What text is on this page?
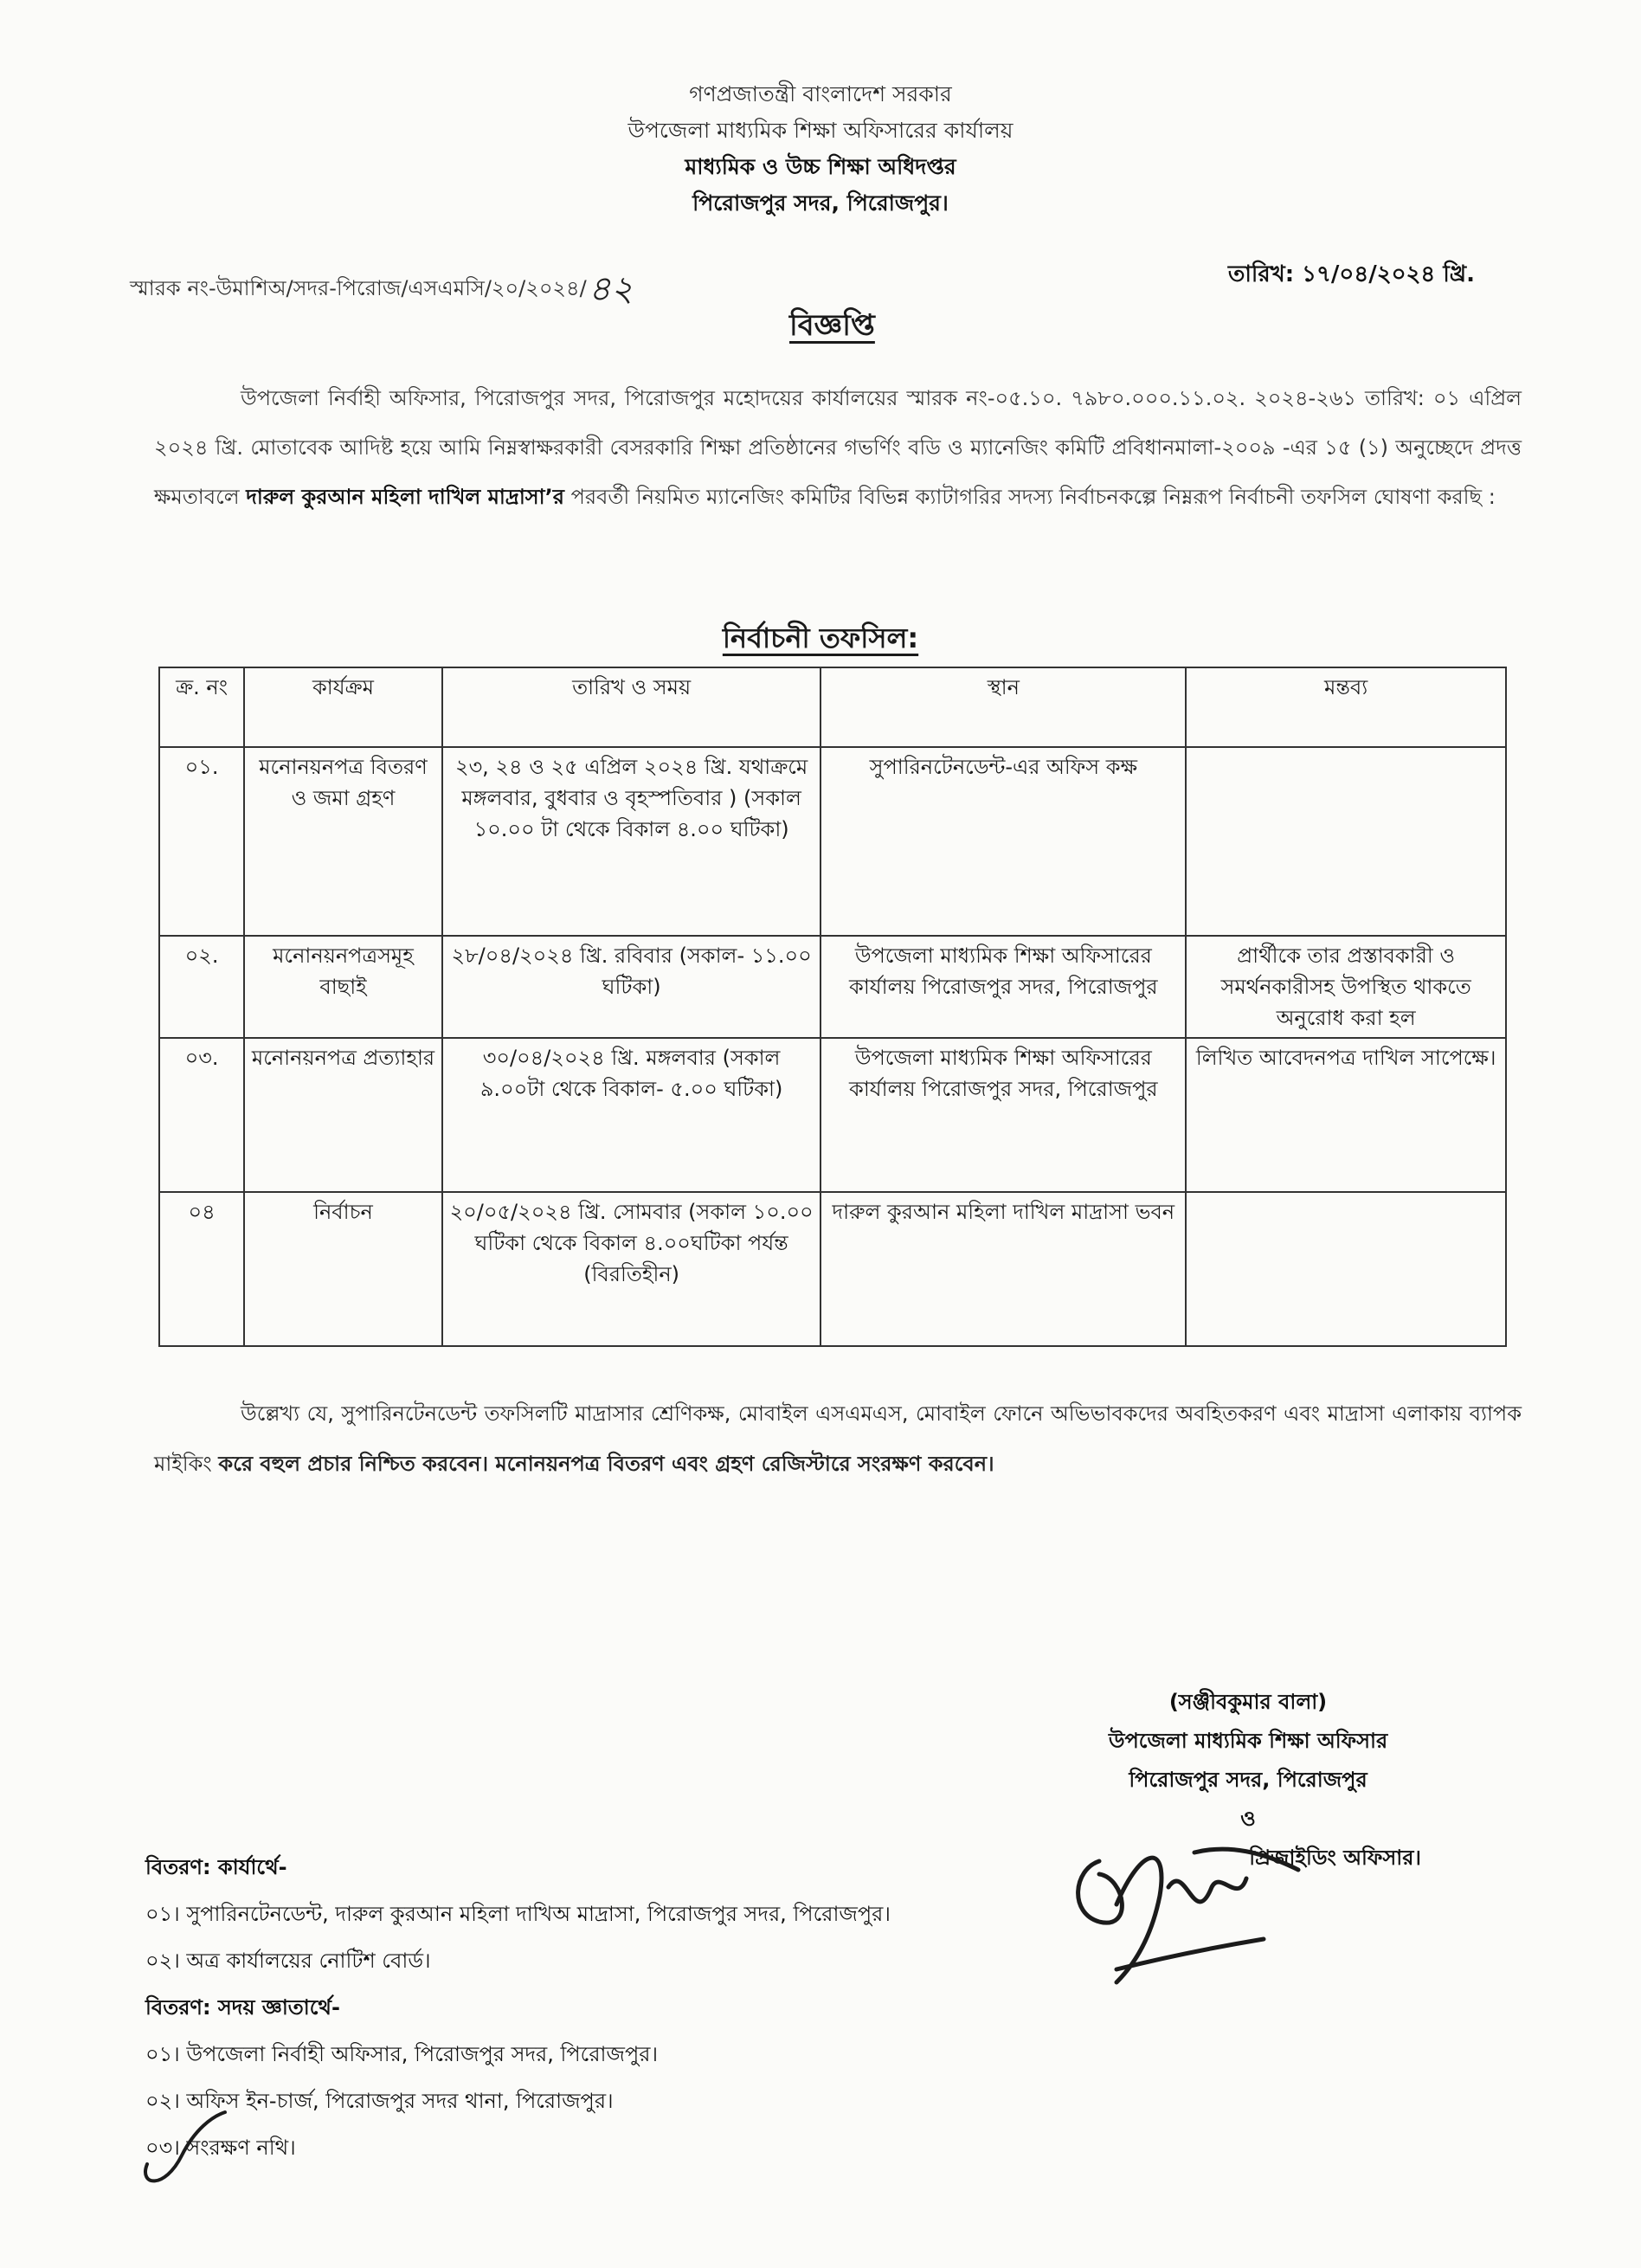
গণপ্রজাতন্ত্রী বাংলাদেশ সরকার
উপজেলা মাধ্যমিক শিক্ষা অফিসারের কার্যালয়
মাধ্যমিক ও উচ্চ শিক্ষা অধিদপ্তর
পিরোজপুর সদর, পিরোজপুর।
স্মারক নং-উমাশিঅ/সদর-পিরোজ/এসএমসি/২০/২০২৪/৪২	তারিখ: ১৭/০৪/২০২৪ খ্রি.
বিজ্ঞপ্তি
উপজেলা নির্বাহী অফিসার, পিরোজপুর সদর, পিরোজপুর মহোদয়ের কার্যালয়ের স্মারক নং-০৫.১০. ৭৯৮০.০০০.১১.০২. ২০২৪-২৬১ তারিখ: ০১ এপ্রিল ২০২৪ খ্রি. মোতাবেক আদিষ্ট হয়ে আমি নিম্নস্বাক্ষরকারী বেসরকারি শিক্ষা প্রতিষ্ঠানের গভর্ণিং বডি ও ম্যানেজিং কমিটি প্রবিধানমালা-২০০৯ -এর ১৫ (১) অনুচ্ছেদে প্রদত্ত ক্ষমতাবলে দারুল কুরআন মহিলা দাখিল মাদ্রাসা’র পরবর্তী নিয়মিত ম্যানেজিং কমিটির বিভিন্ন ক্যাটাগরির সদস্য নির্বাচনকল্পে নিম্নরূপ নির্বাচনী তফসিল ঘোষণা করছি :
নির্বাচনী তফসিল:
ক্র. নং	কার্যক্রম	তারিখ ও সময়	স্থান	মন্তব্য
০১.	মনোনয়নপত্র বিতরণ ও জমা গ্রহণ	২৩, ২৪ ও ২৫ এপ্রিল ২০২৪ খ্রি. যথাক্রমে মঙ্গলবার, বুধবার ও বৃহস্পতিবার ) (সকাল ১০.০০ টা থেকে বিকাল ৪.০০ ঘটিকা)	সুপারিনটেনডেন্ট-এর অফিস কক্ষ	
০২.	মনোনয়নপত্রসমূহ বাছাই	২৮/০৪/২০২৪ খ্রি. রবিবার (সকাল- ১১.০০ ঘটিকা)	উপজেলা মাধ্যমিক শিক্ষা অফিসারের কার্যালয় পিরোজপুর সদর, পিরোজপুর	প্রার্থীকে তার প্রস্তাবকারী ও সমর্থনকারীসহ উপস্থিত থাকতে অনুরোধ করা হল
০৩.	মনোনয়নপত্র প্রত্যাহার	৩০/০৪/২০২৪ খ্রি. মঙ্গলবার (সকাল ৯.০০টা থেকে বিকাল- ৫.০০ ঘটিকা)	উপজেলা মাধ্যমিক শিক্ষা অফিসারের কার্যালয় পিরোজপুর সদর, পিরোজপুর	লিখিত আবেদনপত্র দাখিল সাপেক্ষে।
০৪	নির্বাচন	২০/০৫/২০২৪ খ্রি. সোমবার (সকাল ১০.০০ ঘটিকা থেকে বিকাল ৪.০০ঘটিকা পর্যন্ত (বিরতিহীন)	দারুল কুরআন মহিলা দাখিল মাদ্রাসা ভবন	
উল্লেখ্য যে, সুপারিনটেনডেন্ট তফসিলটি মাদ্রাসার শ্রেণিকক্ষ, মোবাইল এসএমএস, মোবাইল ফোনে অভিভাবকদের অবহিতকরণ এবং মাদ্রাসা এলাকায় ব্যাপক মাইকিং করে বহুল প্রচার নিশ্চিত করবেন। মনোনয়নপত্র বিতরণ এবং গ্রহণ রেজিস্টারে সংরক্ষণ করবেন।
(সঞ্জীবকুমার বালা)
উপজেলা মাধ্যমিক শিক্ষা অফিসার
পিরোজপুর সদর, পিরোজপুর
ও
প্রিজাইডিং অফিসার।
বিতরণ: কার্যার্থে-
০১। সুপারিনটেনডেন্ট, দারুল কুরআন মহিলা দাখিঅ মাদ্রাসা, পিরোজপুর সদর, পিরোজপুর।
০২। অত্র কার্যালয়ের নোটিশ বোর্ড।
বিতরণ: সদয় জ্ঞাতার্থে-
০১। উপজেলা নির্বাহী অফিসার, পিরোজপুর সদর, পিরোজপুর।
০২। অফিস ইন-চার্জ, পিরোজপুর সদর থানা, পিরোজপুর।
০৩। সংরক্ষণ নথি।
